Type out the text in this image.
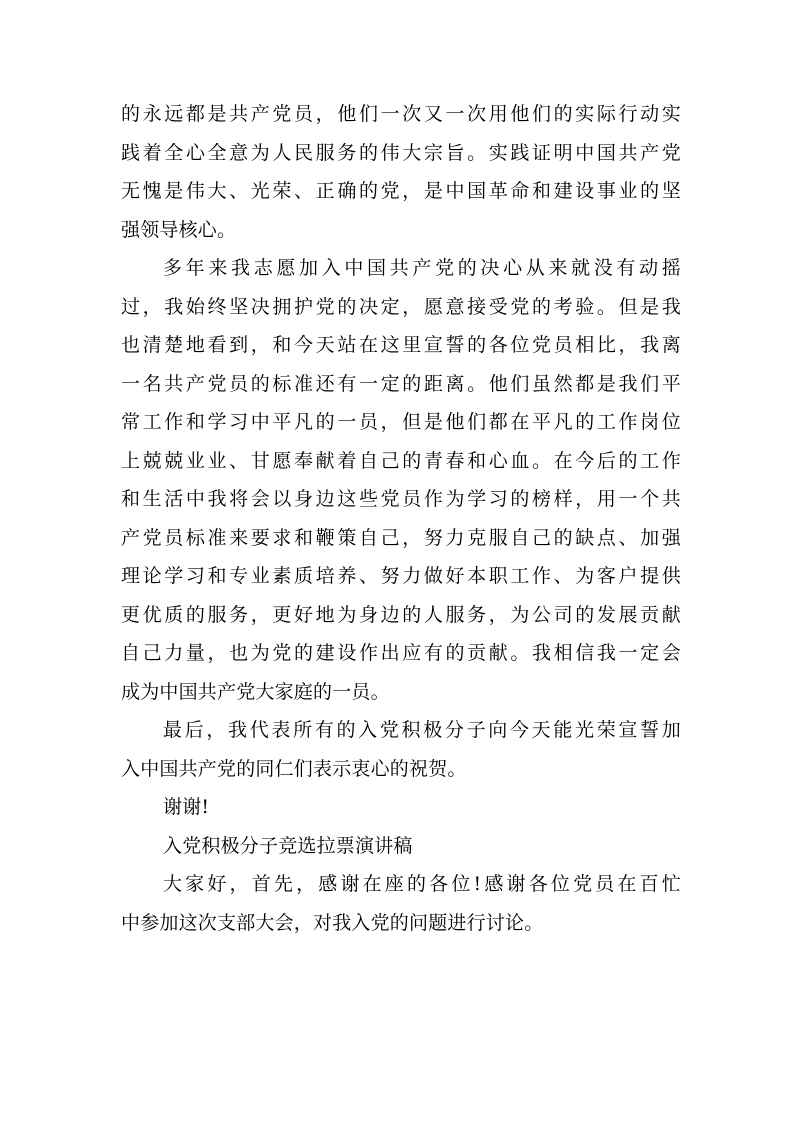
的永远都是共产党员，他们一次又一次用他们的实际行动实
践着全心全意为人民服务的伟大宗旨。实践证明中国共产党
无愧是伟大、光荣、正确的党，是中国革命和建设事业的坚
强领导核心。
多年来我志愿加入中国共产党的决心从来就没有动摇
过，我始终坚决拥护党的决定，愿意接受党的考验。但是我
也清楚地看到，和今天站在这里宣誓的各位党员相比，我离
一名共产党员的标准还有一定的距离。他们虽然都是我们平
常工作和学习中平凡的一员，但是他们都在平凡的工作岗位
上兢兢业业、甘愿奉献着自己的青春和心血。在今后的工作
和生活中我将会以身边这些党员作为学习的榜样，用一个共
产党员标准来要求和鞭策自己，努力克服自己的缺点、加强
理论学习和专业素质培养、努力做好本职工作、为客户提供
更优质的服务，更好地为身边的人服务，为公司的发展贡献
自己力量，也为党的建设作出应有的贡献。我相信我一定会
成为中国共产党大家庭的一员。
最后，我代表所有的入党积极分子向今天能光荣宣誓加
入中国共产党的同仁们表示衷心的祝贺。
谢谢!
入党积极分子竞选拉票演讲稿
大家好，首先，感谢在座的各位!感谢各位党员在百忙
中参加这次支部大会，对我入党的问题进行讨论。
